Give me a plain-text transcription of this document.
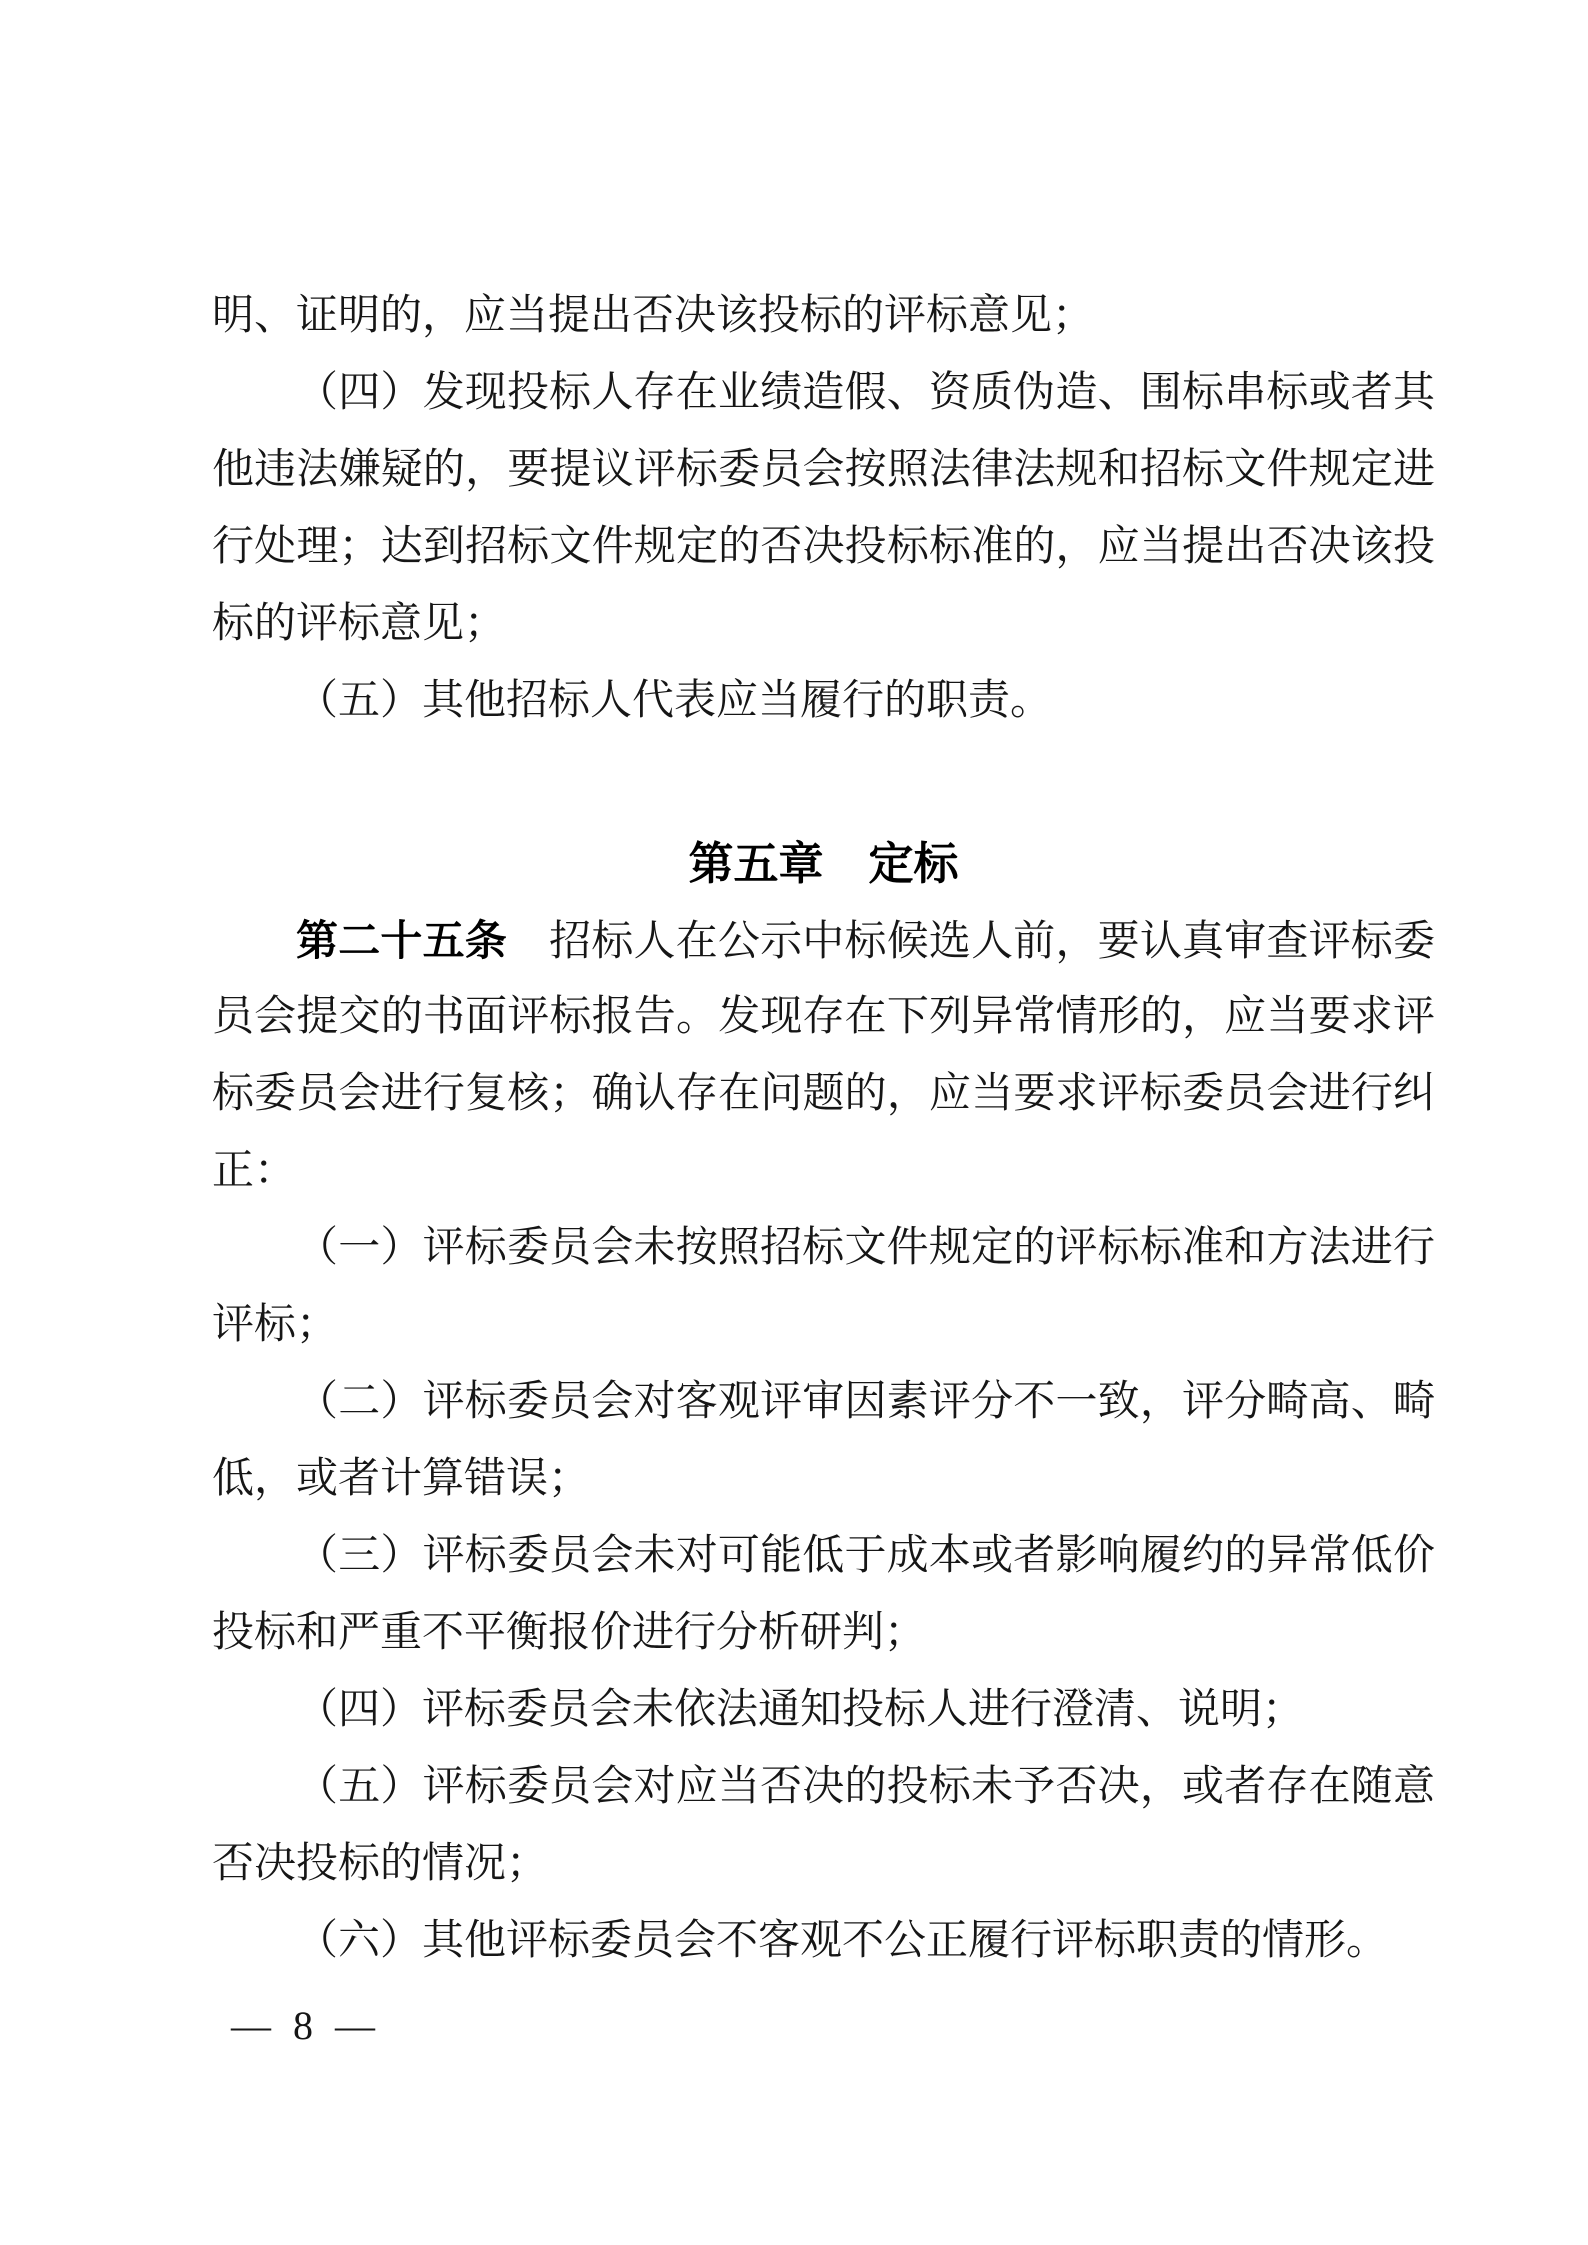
明、证明的，应当提出否决该投标的评标意见；
（四）发现投标人存在业绩造假、资质伪造、围标串标或者其
他违法嫌疑的，要提议评标委员会按照法律法规和招标文件规定进
行处理；达到招标文件规定的否决投标标准的，应当提出否决该投
标的评标意见；
（五）其他招标人代表应当履行的职责。
第五章　定标
第二十五条　招标人在公示中标候选人前，要认真审查评标委
员会提交的书面评标报告。发现存在下列异常情形的，应当要求评
标委员会进行复核；确认存在问题的，应当要求评标委员会进行纠
正：
（一）评标委员会未按照招标文件规定的评标标准和方法进行
评标；
（二）评标委员会对客观评审因素评分不一致，评分畸高、畸
低，或者计算错误；
（三）评标委员会未对可能低于成本或者影响履约的异常低价
投标和严重不平衡报价进行分析研判；
（四）评标委员会未依法通知投标人进行澄清、说明；
（五）评标委员会对应当否决的投标未予否决，或者存在随意
否决投标的情况；
（六）其他评标委员会不客观不公正履行评标职责的情形。
— 8 —
